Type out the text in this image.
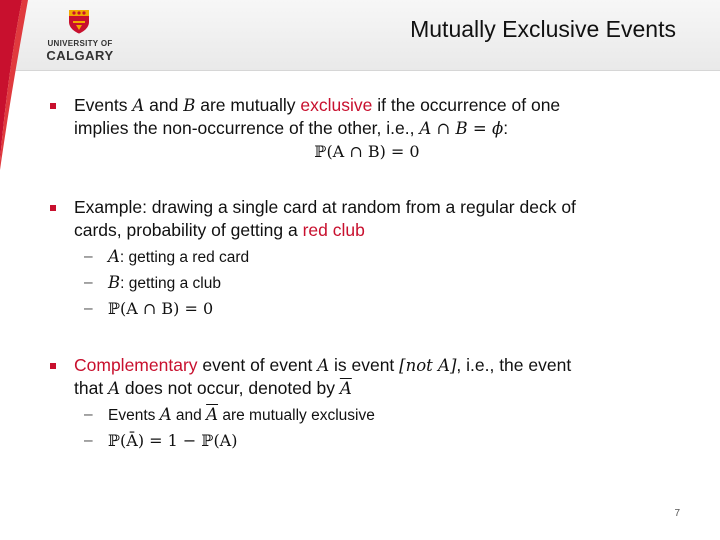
UNIVERSITY OF
CALGARY
Mutually Exclusive Events
Events A and B are mutually exclusive if the occurrence of one
implies the non-occurrence of the other, i.e., A ∩ B = ϕ:
ℙ(A ∩ B) = 0
Example: drawing a single card at random from a regular deck of
cards, probability of getting a red club
– A: getting a red card
– B: getting a club
– ℙ(A ∩ B) = 0
Complementary event of event A is event [not A], i.e., the event
that A does not occur, denoted by $\overline{A}$
– Events A and $\overline{A}$ are mutually exclusive
– ℙ(Ā) = 1 − ℙ(A)
7
